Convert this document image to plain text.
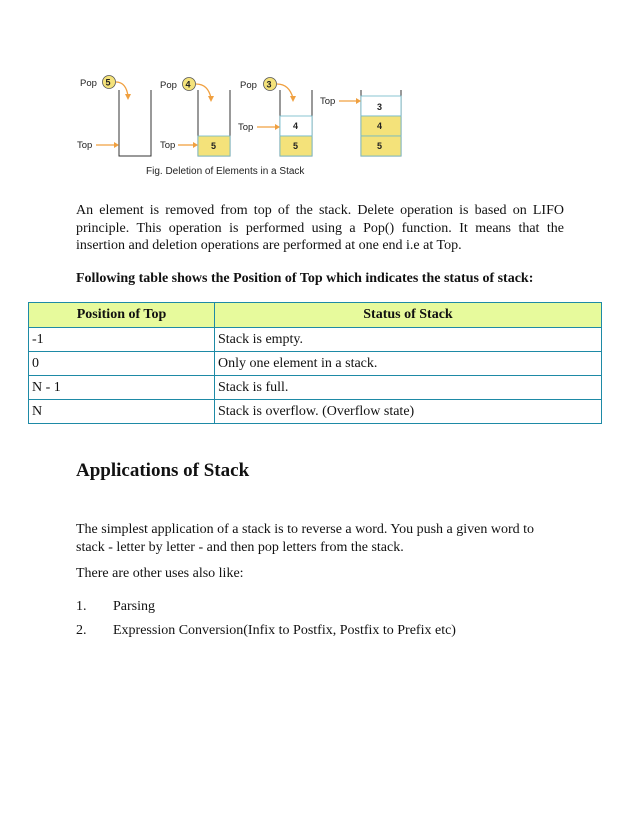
Pop 5
Top
Pop 4
5
Top
Pop 3
4
5
Top
3
4
5
Top
Fig. Deletion of Elements in a Stack

An element is removed from top of the stack. Delete operation is based on LIFO principle. This operation is performed using a Pop() function. It means that the insertion and deletion operations are performed at one end i.e at Top.

Following table shows the Position of Top which indicates the status of stack:

Position of Top	Status of Stack
-1	Stack is empty.
0	Only one element in a stack.
N - 1	Stack is full.
N	Stack is overflow. (Overflow state)
Applications of Stack

The simplest application of a stack is to reverse a word. You push a given word to stack - letter by letter - and then pop letters from the stack.

There are other uses also like:

1.	Parsing
2.	Expression Conversion(Infix to Postfix, Postfix to Prefix etc)
